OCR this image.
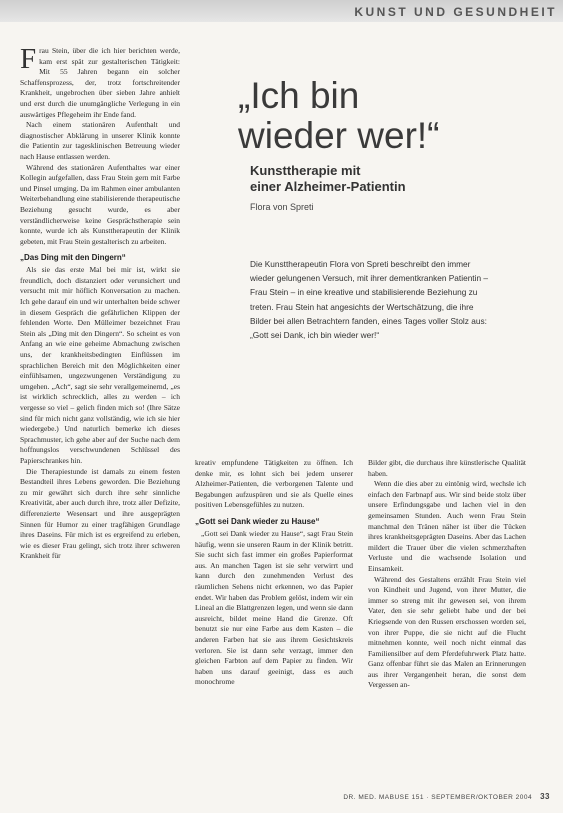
KUNST UND GESUNDHEIT

Frau Stein, über die ich hier berichten werde, kam erst spät zur gestalterischen Tätigkeit: Mit 55 Jahren begann ein solcher Schaffensprozess, der, trotz fortschreitender Krankheit, ungebrochen über sieben Jahre anhielt und erst durch die unumgängliche Verlegung in ein auswärtiges Pflegeheim ihr Ende fand.

Nach einem stationären Aufenthalt und diagnostischer Abklärung in unserer Klinik konnte die Patientin zur tagesklinischen Betreuung wieder nach Hause entlassen werden.

Während des stationären Aufenthaltes war einer Kollegin aufgefallen, dass Frau Stein gern mit Farbe und Pinsel umging. Da im Rahmen einer ambulanten Weiterbehandlung eine stabilisierende therapeutische Beziehung gesucht wurde, es aber verständlicherweise keine Gesprächstherapie sein konnte, wurde ich als Kunsttherapeutin der Klinik gebeten, mit Frau Stein gestalterisch zu arbeiten.

„Das Ding mit den Dingern“

Als sie das erste Mal bei mir ist, wirkt sie freundlich, doch distanziert oder verunsichert und versucht mit mir höflich Konversation zu machen. Ich gehe darauf ein und wir unterhalten beide schwer in diesem Gespräch die gefährlichen Klippen der fehlenden Worte. Den Mülleimer bezeichnet Frau Stein als „Ding mit den Dingern“. So scheint es von Anfang an wie eine geheime Abmachung zwischen uns, der krankheitsbedingten Einflüssen im sprachlichen Bereich mit den Möglichkeiten einer einfühlsamen, ungezwungenen Verständigung zu umgehen. „Ach“, sagt sie sehr verallgemeinernd, „es ist wirklich schrecklich, alles zu werden – ich vergesse so viel – gelich finden mich so! (Ihre Sätze sind für mich nicht ganz vollständig, wie ich sie hier wiedergebe.) Und naturlich bemerke ich dieses Sprachmuster, ich gehe aber auf der Suche nach dem hoffnungslos verschwundenen Schlüssel des Papierschrankes hin.

Die Therapiestunde ist damals zu einem festen Bestandteil ihres Lebens geworden. Die Beziehung zu mir gewährt sich durch ihre sehr sinnliche Kreativität, aber auch durch ihre, trotz aller Defizite, differenzierte Wesensart und ihre ausgeprägten Sinnen für Humor zu einer tragfähigen Grundlage ihres Daseins. Für mich ist es ergreifend zu erleben, wie es dieser Frau gelingt, sich trotz ihrer schweren Krankheit für

„Ich bin
wieder wer!“
Kunsttherapie mit
einer Alzheimer-Patientin
Flora von Spreti
Die Kunsttherapeutin Flora von Spreti beschreibt den immer wieder gelungenen Versuch, mit ihrer dementkranken Patientin – Frau Stein – in eine kreative und stabilisierende Beziehung zu treten. Frau Stein hat angesichts der Wertschätzung, die ihre Bilder bei allen Betrachtern fanden, eines Tages voller Stolz aus: „Gott sei Dank, ich bin wieder wer!“

kreativ empfundene Tätigkeiten zu öffnen. Ich denke mir, es lohnt sich bei jedem unserer Alzheimer-Patienten, die verborgenen Talente und Begabungen aufzuspüren und sie als Quelle eines positiven Lebensgefühles zu nutzen.

„Gott sei Dank wieder zu Hause“

„Gott sei Dank wieder zu Hause“, sagt Frau Stein häufig, wenn sie unseren Raum in der Klinik betritt. Sie sucht sich fast immer ein großes Papierformat aus. An manchen Tagen ist sie sehr verwirrt und kann durch den zunehmenden Verlust des räumlichen Sehens nicht erkennen, wo das Papier endet. Wir haben das Problem gelöst, indem wir ein Lineal an die Blattgrenzen legen, und wenn sie dann ausreicht, bildet meine Hand die Grenze. Oft benutzt sie nur eine Farbe aus dem Kasten – die anderen Farben hat sie aus ihrem Gesichtskreis verloren. Sie ist dann sehr verzagt, immer den gleichen Farbton auf dem Papier zu finden. Wir haben uns darauf geeinigt, dass es auch monochrome

Bilder gibt, die durchaus ihre künstlerische Qualität haben.

Wenn die dies aber zu eintönig wird, wechsle ich einfach den Farbnapf aus. Wir sind beide stolz über unsere Erfindungsgabe und lachen viel in den gemeinsamen Stunden. Auch wenn Frau Stein manchmal den Tränen näher ist über die Tücken ihres krankheitsgeprägten Daseins. Aber das Lachen mildert die Trauer über die vielen schmerzhaften Verluste und die wachsende Isolation und Einsamkeit.

Während des Gestaltens erzählt Frau Stein viel von Kindheit und Jugend, von ihrer Mutter, die immer so streng mit ihr gewesen sei, von ihrem Vater, den sie sehr geliebt habe und der bei Kriegsende von den Russen erschossen worden sei, von ihrer Puppe, die sie nicht auf die Flucht mitnehmen konnte, weil noch nicht einmal das Familiensilber auf dem Pferdefuhrwerk Platz hatte. Ganz offenbar führt sie das Malen an Erinnerungen aus ihrer Vergangenheit heran, die sonst dem Vergessen an-

DR. MED. MABUSE 151 · SEPTEMBER/OKTOBER 2004 33
